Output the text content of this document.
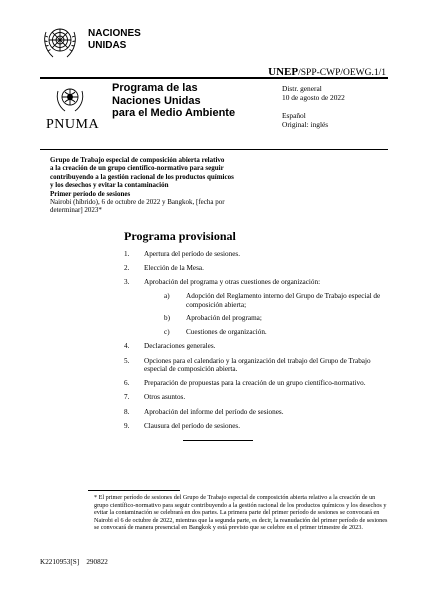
NACIONES
UNIDAS
UNEP/SPP-CWP/OEWG.1/1
PNUMA
Programa de las
Naciones Unidas
para el Medio Ambiente
Distr. general
10 de agosto de 2022
Español
Original: inglés
Grupo de Trabajo especial de composición abierta relativo
a la creación de un grupo científico-normativo para seguir
contribuyendo a la gestión racional de los productos químicos
y los desechos y evitar la contaminación
Primer período de sesiones
Nairobi (híbrido), 6 de octubre de 2022 y Bangkok, [fecha por
determinar] 2023*
Programa provisional
1. Apertura del período de sesiones.
2. Elección de la Mesa.
3. Aprobación del programa y otras cuestiones de organización:
a) Adopción del Reglamento interno del Grupo de Trabajo especial de composición abierta;
b) Aprobación del programa;
c) Cuestiones de organización.
4. Declaraciones generales.
5. Opciones para el calendario y la organización del trabajo del Grupo de Trabajo especial de composición abierta.
6. Preparación de propuestas para la creación de un grupo científico-normativo.
7. Otros asuntos.
8. Aprobación del informe del período de sesiones.
9. Clausura del período de sesiones.
* El primer período de sesiones del Grupo de Trabajo especial de composición abierta relativo a la creación de un grupo científico-normativo para seguir contribuyendo a la gestión racional de los productos químicos y los desechos y evitar la contaminación se celebrará en dos partes. La primera parte del primer período de sesiones se convocará en Nairobi el 6 de octubre de 2022, mientras que la segunda parte, es decir, la reanudación del primer período de sesiones se convocará de manera presencial en Bangkok y está previsto que se celebre en el primer trimestre de 2023.
K2210953[S]    290822
